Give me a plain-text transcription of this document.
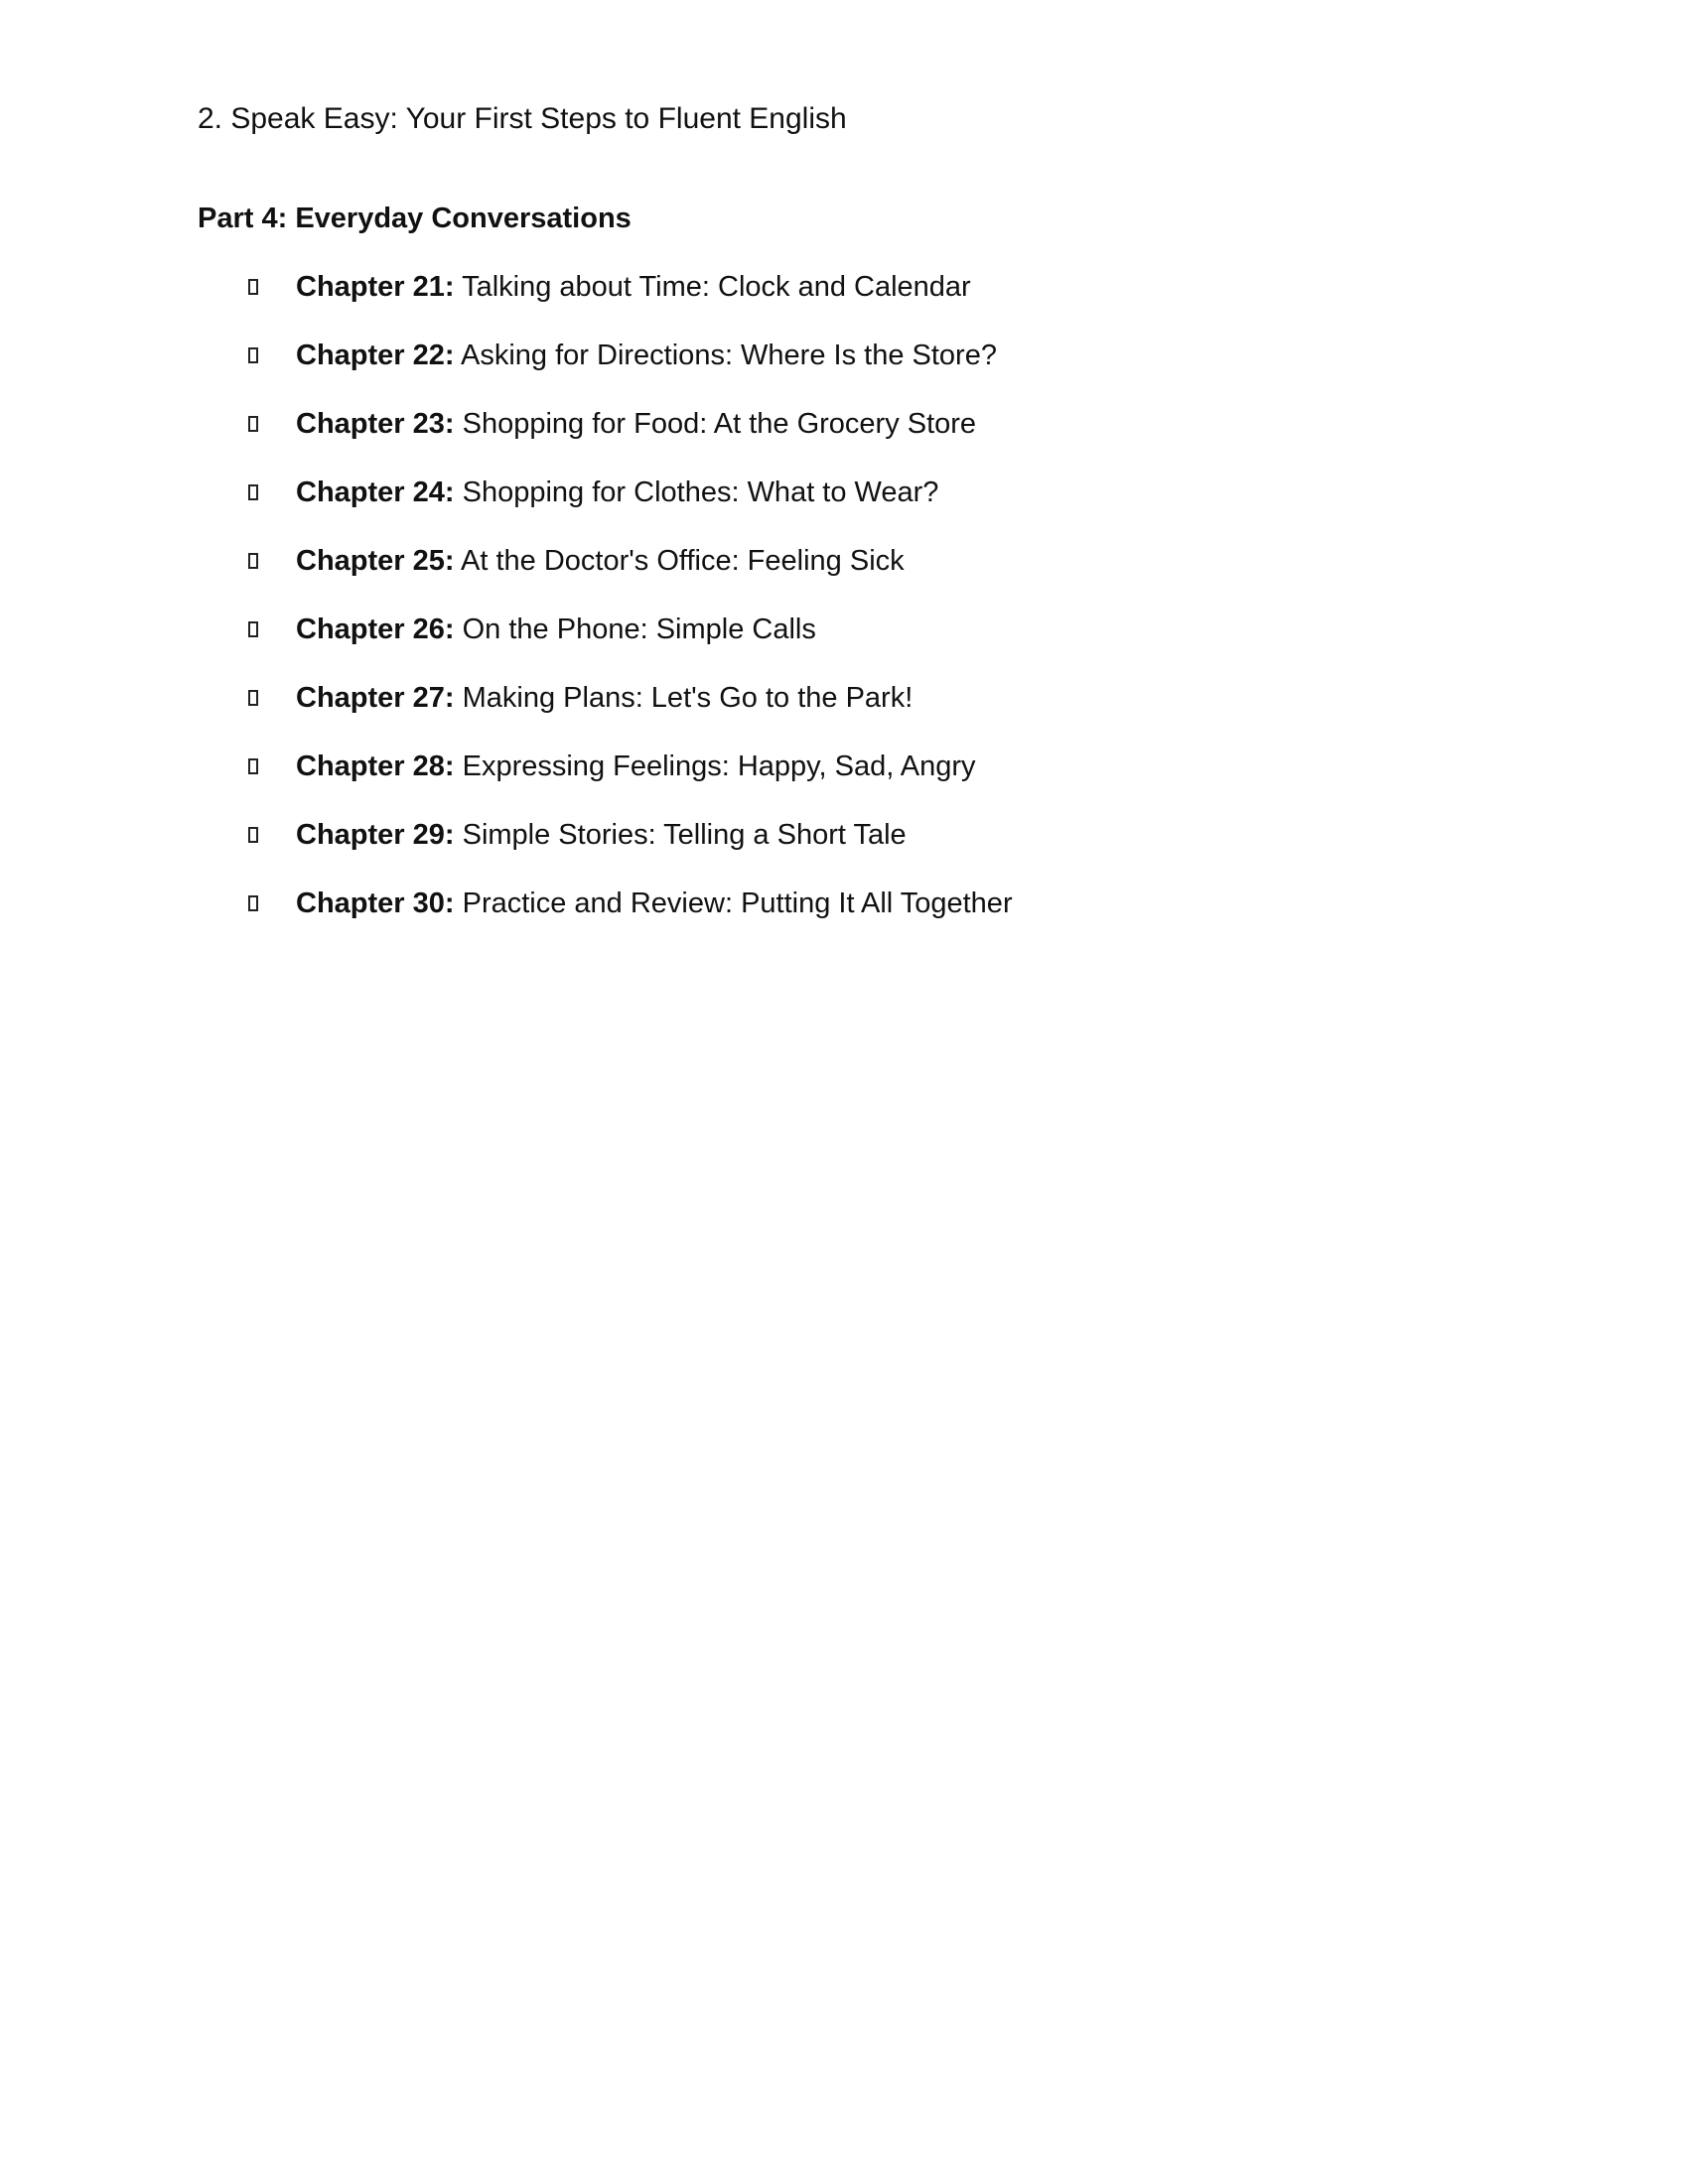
2. Speak Easy: Your First Steps to Fluent English
Part 4: Everyday Conversations
Chapter 21: Talking about Time: Clock and Calendar
Chapter 22: Asking for Directions: Where Is the Store?
Chapter 23: Shopping for Food: At the Grocery Store
Chapter 24: Shopping for Clothes: What to Wear?
Chapter 25: At the Doctor's Office: Feeling Sick
Chapter 26: On the Phone: Simple Calls
Chapter 27: Making Plans: Let's Go to the Park!
Chapter 28: Expressing Feelings: Happy, Sad, Angry
Chapter 29: Simple Stories: Telling a Short Tale
Chapter 30: Practice and Review: Putting It All Together
